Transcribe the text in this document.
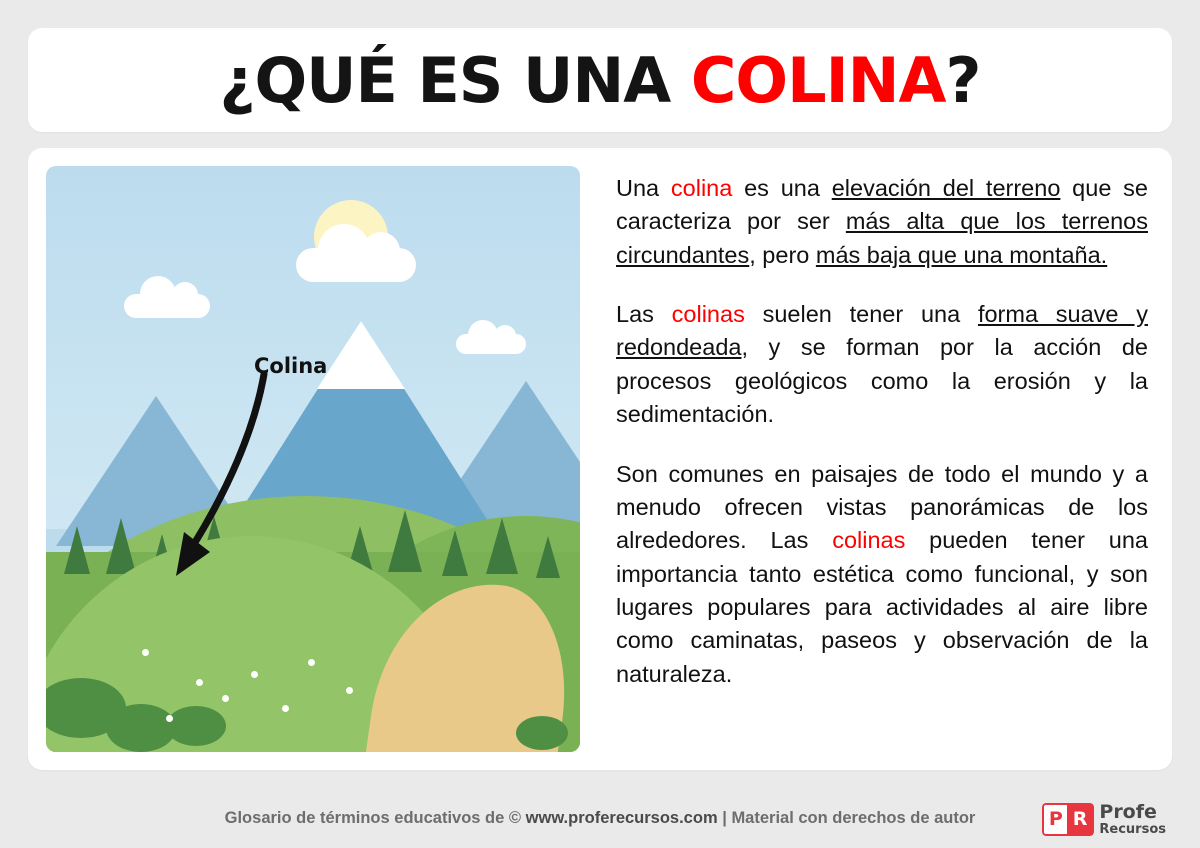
¿QUÉ ES UNA COLINA?
Colina

Una colina es una elevación del terreno que se caracteriza por ser más alta que los terrenos circundantes, pero más baja que una montaña.

Las colinas suelen tener una forma suave y redondeada, y se forman por la acción de procesos geológicos como la erosión y la sedimentación.

Son comunes en paisajes de todo el mundo y a menudo ofrecen vistas panorámicas de los alrededores. Las colinas pueden tener una importancia tanto estética como funcional, y son lugares populares para actividades al aire libre como caminatas, paseos y observación de la naturaleza.

Glosario de términos educativos de © www.proferecursos.com | Material con derechos de autor	P R Profe
Recursos
